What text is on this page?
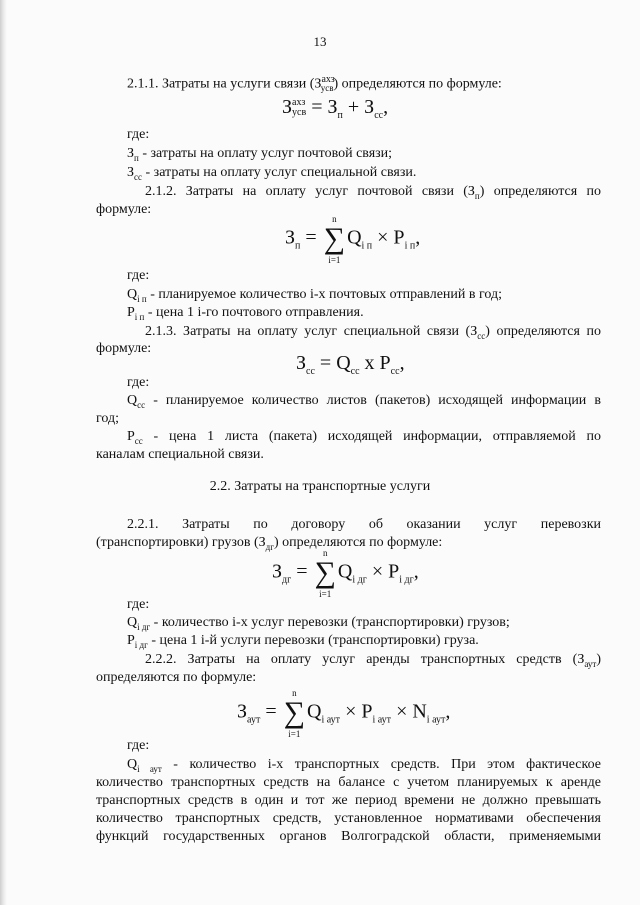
13
2.1.1. Затраты на услуги связи $(З^{ахз}_{усв})$ определяются по формуле:
Захз
усв = $З_п + З_{сс}$,
где:
$З_п$ - затраты на оплату услуг почтовой связи;
$З_{сс}$ - затраты на оплату услуг специальной связи.
2.1.2. Затраты на оплату услуг почтовой связи $(З_п)$ определяются по
формуле:
$З_п$ =
n
∑
i=1
$Q_{i п} \times P_{i п}$,
где:
$Q_{i п}$ - планируемое количество i-х почтовых отправлений в год;
$P_{i п}$ - цена 1 i-го почтового отправления.
2.1.3. Затраты на оплату услуг специальной связи $(З_{сс})$ определяются по
формуле:
$З_{сс} = Q_{сс}$ x $P_{сс}$,
где:
$Q_{сс}$ - планируемое количество листов (пакетов) исходящей информации в
год;
$P_{сс}$ - цена 1 листа (пакета) исходящей информации, отправляемой по
каналам специальной связи.
2.2. Затраты на транспортные услуги
2.2.1. Затраты по договору об оказании услуг перевозки
(транспортировки) грузов $(З_{дг})$ определяются по формуле:
$З_{дг}$ =
n
∑
i=1
$Q_{i дг} \times P_{i дг}$,
где:
$Q_{i дг}$ - количество i-х услуг перевозки (транспортировки) грузов;
$P_{i дг}$ - цена 1 i-й услуги перевозки (транспортировки) груза.
2.2.2. Затраты на оплату услуг аренды транспортных средств $(З_{аут})$
определяются по формуле:
$З_{аут}$ =
n
∑
i=1
$Q_{i аут} \times P_{i аут} \times N_{i аут}$,
где:
$Q_{i аут}$ - количество i-х транспортных средств. При этом фактическое
количество транспортных средств на балансе с учетом планируемых к аренде
транспортных средств в один и тот же период времени не должно превышать
количество транспортных средств, установленное нормативами обеспечения
функций государственных органов Волгоградской области, применяемыми
